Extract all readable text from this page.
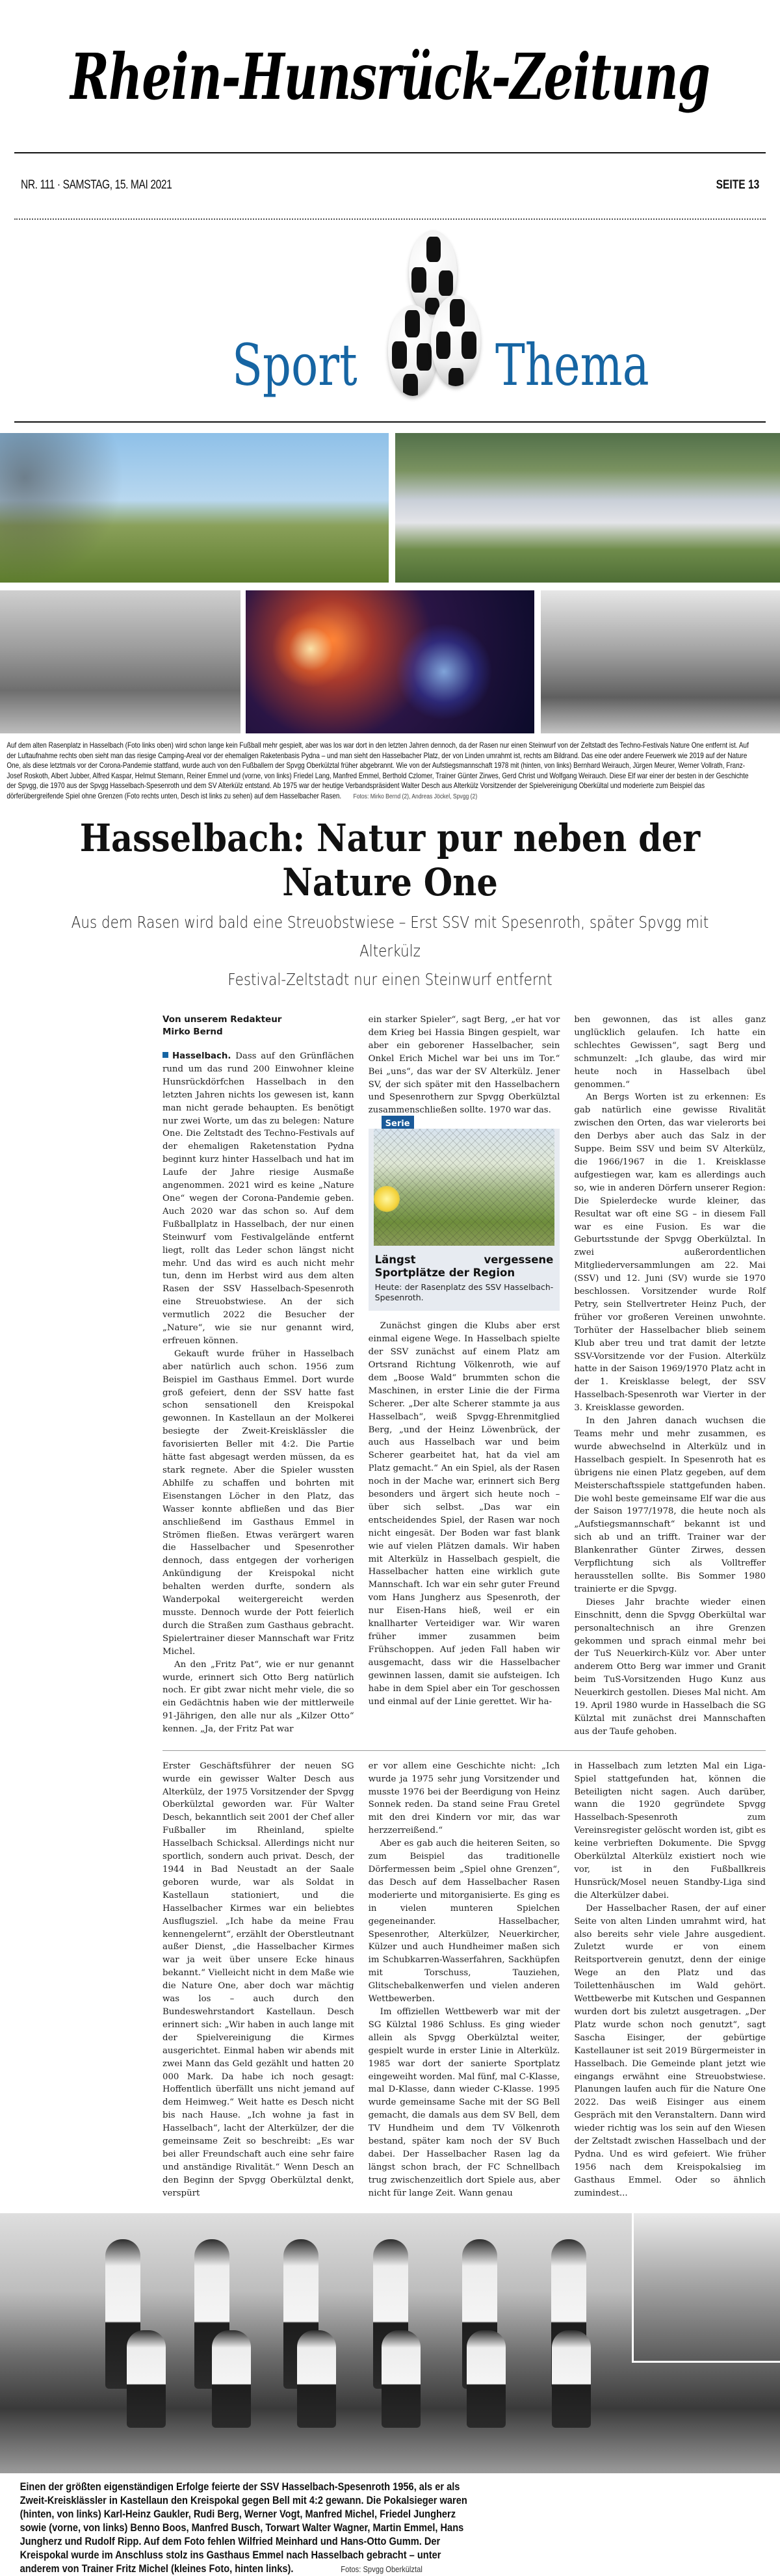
Rhein-Hunsrück-Zeitung
NR. 111 · SAMSTAG, 15. MAI 2021	SEITE 13
Sport Thema

Auf dem alten Rasenplatz in Hasselbach (Foto links oben) wird schon lange kein Fußball mehr gespielt, aber was los war dort in den letzten Jahren dennoch, da der Rasen nur einen Steinwurf von der Zeltstadt des Techno-Festivals Nature One entfernt ist. Auf der Luftaufnahme rechts oben sieht man das riesige Camping-Areal vor der ehemaligen Raketenbasis Pydna – und man sieht den Hasselbacher Platz, der von Linden umrahmt ist, rechts am Bildrand. Das eine oder andere Feuerwerk wie 2019 auf der Nature One, als diese letztmals vor der Corona-Pandemie stattfand, wurde auch von den Fußballern der Spvgg Oberkülztal früher abgebrannt. Wie von der Aufstiegsmannschaft 1978 mit (hinten, von links) Bernhard Weirauch, Jürgen Meurer, Werner Vollrath, Franz-Josef Roskoth, Albert Jubber, Alfred Kaspar, Helmut Stemann, Reiner Emmel und (vorne, von links) Friedel Lang, Manfred Emmel, Berthold Czlomer, Trainer Günter Zirwes, Gerd Christ und Wolfgang Weirauch. Diese Elf war einer der besten in der Geschichte der Spvgg, die 1970 aus der Spvgg Hasselbach-Spesenroth und dem SV Alterkülz entstand. Ab 1975 war der heutige Verbandspräsident Walter Desch aus Alterkülz Vorsitzender der Spielvereinigung Oberkültal und moderierte zum Beispiel das dörferübergreifende Spiel ohne Grenzen (Foto rechts unten, Desch ist links zu sehen) auf dem Hasselbacher Rasen. Fotos: Mirko Bernd (2), Andreas Jöckel, Spvgg (2)

Hasselbach: Natur pur neben der Nature One
Aus dem Rasen wird bald eine Streuobstwiese – Erst SSV mit Spesenroth, später Spvgg mit Alterkülz
Festival-Zeltstadt nur einen Steinwurf entfernt
Von unserem Redakteur
Mirko Bernd

Hasselbach. Dass auf den Grünflächen rund um das rund 200 Einwohner kleine Hunsrückdörfchen Hasselbach in den letzten Jahren nichts los gewesen ist, kann man nicht gerade behaupten. Es benötigt nur zwei Worte, um das zu belegen: Nature One. Die Zeltstadt des Techno-Festivals auf der ehemaligen Raketenstation Pydna beginnt kurz hinter Hasselbach und hat im Laufe der Jahre riesige Ausmaße angenommen. 2021 wird es keine „Nature One“ wegen der Corona-Pandemie geben. Auch 2020 war das schon so. Auf dem Fußballplatz in Hasselbach, der nur einen Steinwurf vom Festivalgelände entfernt liegt, rollt das Leder schon längst nicht mehr. Und das wird es auch nicht mehr tun, denn im Herbst wird aus dem alten Rasen der SSV Hasselbach-Spesenroth eine Streuobstwiese. An der sich vermutlich 2022 die Besucher der „Nature“, wie sie nur genannt wird, erfreuen können.

Gekauft wurde früher in Hasselbach aber natürlich auch schon. 1956 zum Beispiel im Gasthaus Emmel. Dort wurde groß gefeiert, denn der SSV hatte fast schon sensationell den Kreispokal gewonnen. In Kastellaun an der Molkerei besiegte der Zweit-Kreisklässler die favorisierten Beller mit 4:2. Die Partie hätte fast abgesagt werden müssen, da es stark regnete. Aber die Spieler wussten Abhilfe zu schaffen und bohrten mit Eisenstangen Löcher in den Platz, das Wasser konnte abfließen und das Bier anschließend im Gasthaus Emmel in Strömen fließen. Etwas verärgert waren die Hasselbacher und Spesenrother dennoch, dass entgegen der vorherigen Ankündigung der Kreispokal nicht behalten werden durfte, sondern als Wanderpokal weitergereicht werden musste. Dennoch wurde der Pott feierlich durch die Straßen zum Gasthaus gebracht. Spielertrainer dieser Mannschaft war Fritz Michel.

An den „Fritz Pat“, wie er nur genannt wurde, erinnert sich Otto Berg natürlich noch. Er gibt zwar nicht mehr viele, die so ein Gedächtnis haben wie der mittlerweile 91-Jährigen, den alle nur als „Kilzer Otto“ kennen. „Ja, der Fritz Pat war

ein starker Spieler“, sagt Berg, „er hat vor dem Krieg bei Hassia Bingen gespielt, war aber ein geborener Hasselbacher, sein Onkel Erich Michel war bei uns im Tor.“ Bei „uns“, das war der SV Alterkülz. Jener SV, der sich später mit den Hasselbachern und Spesenrothern zur Spvgg Oberkülztal zusammenschließen sollte. 1970 war das.

Serie
Längst vergessene Sportplätze der Region
Heute: der Rasenplatz des SSV Hasselbach-Spesenroth.

Zunächst gingen die Klubs aber erst einmal eigene Wege. In Hasselbach spielte der SSV zunächst auf einem Platz am Ortsrand Richtung Völkenroth, wie auf dem „Boose Wald“ brummten schon die Maschinen, in erster Linie die der Firma Scherer. „Der alte Scherer stammte ja aus Hasselbach“, weiß Spvgg-Ehrenmitglied Berg, „und der Heinz Löwenbrück, der auch aus Hasselbach war und beim Scherer gearbeitet hat, hat da viel am Platz gemacht.“ An ein Spiel, als der Rasen noch in der Mache war, erinnert sich Berg besonders und ärgert sich heute noch – über sich selbst. „Das war ein entscheidendes Spiel, der Rasen war noch nicht eingesät. Der Boden war fast blank wie auf vielen Plätzen damals. Wir haben mit Alterkülz in Hasselbach gespielt, die Hasselbacher hatten eine wirklich gute Mannschaft. Ich war ein sehr guter Freund vom Hans Jungherz aus Spesenroth, der nur Eisen-Hans hieß, weil er ein knallharter Verteidiger war. Wir waren früher immer zusammen beim Frühschoppen. Auf jeden Fall haben wir ausgemacht, dass wir die Hasselbacher gewinnen lassen, damit sie aufsteigen. Ich habe in dem Spiel aber ein Tor geschossen und einmal auf der Linie gerettet. Wir ha-

ben gewonnen, das ist alles ganz unglücklich gelaufen. Ich hatte ein schlechtes Gewissen“, sagt Berg und schmunzelt: „Ich glaube, das wird mir heute noch in Hasselbach übel genommen.“

An Bergs Worten ist zu erkennen: Es gab natürlich eine gewisse Rivalität zwischen den Orten, das war vielerorts bei den Derbys aber auch das Salz in der Suppe. Beim SSV und beim SV Alterkülz, die 1966/1967 in die 1. Kreisklasse aufgestiegen war, kam es allerdings auch so, wie in anderen Dörfern unserer Region: Die Spielerdecke wurde kleiner, das Resultat war oft eine SG – in diesem Fall war es eine Fusion. Es war die Geburtsstunde der Spvgg Oberkülztal. In zwei außerordentlichen Mitgliederversammlungen am 22. Mai (SSV) und 12. Juni (SV) wurde sie 1970 beschlossen. Vorsitzender wurde Rolf Petry, sein Stellvertreter Heinz Puch, der früher vor großeren Vereinen unwohnte. Torhüter der Hasselbacher blieb seinem Klub aber treu und trat damit der letzte SSV-Vorsitzende vor der Fusion. Alterkülz hatte in der Saison 1969/1970 Platz acht in der 1. Kreisklasse belegt, der SSV Hasselbach-Spesenroth war Vierter in der 3. Kreisklasse geworden.

In den Jahren danach wuchsen die Teams mehr und mehr zusammen, es wurde abwechselnd in Alterkülz und in Hasselbach gespielt. In Spesenroth hat es übrigens nie einen Platz gegeben, auf dem Meisterschaftsspiele stattgefunden haben. Die wohl beste gemeinsame Elf war die aus der Saison 1977/1978, die heute noch als „Aufstiegsmannschaft“ bekannt ist und sich ab und an trifft. Trainer war der Blankenrather Günter Zirwes, dessen Verpflichtung sich als Volltreffer herausstellen sollte. Bis Sommer 1980 trainierte er die Spvgg.

Dieses Jahr brachte wieder einen Einschnitt, denn die Spvgg Oberkültal war personaltechnisch an ihre Grenzen gekommen und sprach einmal mehr bei der TuS Neuerkirch-Külz vor. Aber unter anderem Otto Berg war immer und Granit beim TuS-Vorsitzenden Hugo Kunz aus Neuerkirch gestollen. Dieses Mal nicht. Am 19. April 1980 wurde in Hasselbach die SG Külztal mit zunächst drei Mannschaften aus der Taufe gehoben.

Erster Geschäftsführer der neuen SG wurde ein gewisser Walter Desch aus Alterkülz, der 1975 Vorsitzender der Spvgg Oberkülztal geworden war. Für Walter Desch, bekanntlich seit 2001 der Chef aller Fußballer im Rheinland, spielte Hasselbach Schicksal. Allerdings nicht nur sportlich, sondern auch privat. Desch, der 1944 in Bad Neustadt an der Saale geboren wurde, war als Soldat in Kastellaun stationiert, und die Hasselbacher Kirmes war ein beliebtes Ausflugsziel. „Ich habe da meine Frau kennengelernt“, erzählt der Oberstleutnant außer Dienst, „die Hasselbacher Kirmes war ja weit über unsere Ecke hinaus bekannt.“ Vielleicht nicht in dem Maße wie die Nature One, aber doch war mächtig was los – auch durch den Bundeswehrstandort Kastellaun. Desch erinnert sich: „Wir haben in auch lange mit der Spielvereinigung die Kirmes ausgerichtet. Einmal haben wir abends mit zwei Mann das Geld gezählt und hatten 20 000 Mark. Da habe ich noch gesagt: Hoffentlich überfällt uns nicht jemand auf dem Heimweg.“ Weit hatte es Desch nicht bis nach Hause. „Ich wohne ja fast in Hasselbach“, lacht der Alterkülzer, der die gemeinsame Zeit so beschreibt: „Es war bei aller Freundschaft auch eine sehr faire und anständige Rivalität.“ Wenn Desch an den Beginn der Spvgg Oberkülztal denkt, verspürt

er vor allem eine Geschichte nicht: „Ich wurde ja 1975 sehr jung Vorsitzender und musste 1976 bei der Beerdigung von Heinz Sonnek reden. Da stand seine Frau Gretel mit den drei Kindern vor mir, das war herzzerreißend.“

Aber es gab auch die heiteren Seiten, so zum Beispiel das traditionelle Dörfermessen beim „Spiel ohne Grenzen“, das Desch auf dem Hasselbacher Rasen moderierte und mitorganisierte. Es ging es in vielen munteren Spielchen gegeneinander. Hasselbacher, Spesenrother, Alterkülzer, Neuerkircher, Külzer und auch Hundheimer maßen sich im Schubkarren-Wasserfahren, Sackhüpfen mit Torschuss, Tauziehen, Glitschebalkenwerfen und vielen anderen Wettbewerben.

Im offiziellen Wettbewerb war mit der SG Külztal 1986 Schluss. Es ging wieder allein als Spvgg Oberkülztal weiter, gespielt wurde in erster Linie in Alterkülz. 1985 war dort der sanierte Sportplatz eingeweiht worden. Mal fünf, mal C-Klasse, mal D-Klasse, dann wieder C-Klasse. 1995 wurde gemeinsame Sache mit der SG Bell gemacht, die damals aus dem SV Bell, dem TV Hundheim und dem TV Völkenroth bestand, später kam noch der SV Buch dabei. Der Hasselbacher Rasen lag da längst schon brach, der FC Schnellbach trug zwischenzeitlich dort Spiele aus, aber nicht für lange Zeit. Wann genau

in Hasselbach zum letzten Mal ein Liga-Spiel stattgefunden hat, können die Beteiligten nicht sagen. Auch darüber, wann die 1920 gegründete Spvgg Hasselbach-Spesenroth zum Vereinsregister gelöscht worden ist, gibt es keine verbrieften Dokumente. Die Spvgg Oberkülztal Alterkülz existiert noch wie vor, ist in den Fußballkreis Hunsrück/Mosel neuen Standby-Liga sind die Alterkülzer dabei.

Der Hasselbacher Rasen, der auf einer Seite von alten Linden umrahmt wird, hat also bereits sehr viele Jahre ausgedient. Zuletzt wurde er von einem Reitsportverein genutzt, denn der einige Wege an den Platz und das Toilettenhäuschen im Wald gehört. Wettbewerbe mit Kutschen und Gespannen wurden dort bis zuletzt ausgetragen. „Der Platz wurde schon noch genutzt“, sagt Sascha Eisinger, der gebürtige Kastellauner ist seit 2019 Bürgermeister in Hasselbach. Die Gemeinde plant jetzt wie eingangs erwähnt eine Streuobstwiese. Planungen laufen auch für die Nature One 2022. Das weiß Eisinger aus einem Gespräch mit den Veranstaltern. Dann wird wieder richtig was los sein auf den Wiesen der Zeltstadt zwischen Hasselbach und der Pydna. Und es wird gefeiert. Wie früher 1956 nach dem Kreispokalsieg im Gasthaus Emmel. Oder so ähnlich zumindest...

Einen der größten eigenständigen Erfolge feierte der SSV Hasselbach-Spesenroth 1956, als er als Zweit-Kreisklässler in Kastellaun den Kreispokal gegen Bell mit 4:2 gewann. Die Pokalsieger waren (hinten, von links) Karl-Heinz Gaukler, Rudi Berg, Werner Vogt, Manfred Michel, Friedel Jungherz sowie (vorne, von links) Benno Boos, Manfred Busch, Torwart Walter Wagner, Martin Emmel, Hans Jungherz und Rudolf Ripp. Auf dem Foto fehlen Wilfried Meinhard und Hans-Otto Gumm. Der Kreispokal wurde im Anschluss stolz ins Gasthaus Emmel nach Hasselbach gebracht – unter anderem von Trainer Fritz Michel (kleines Foto, hinten links).	Fotos: Spvgg Oberkülztal
